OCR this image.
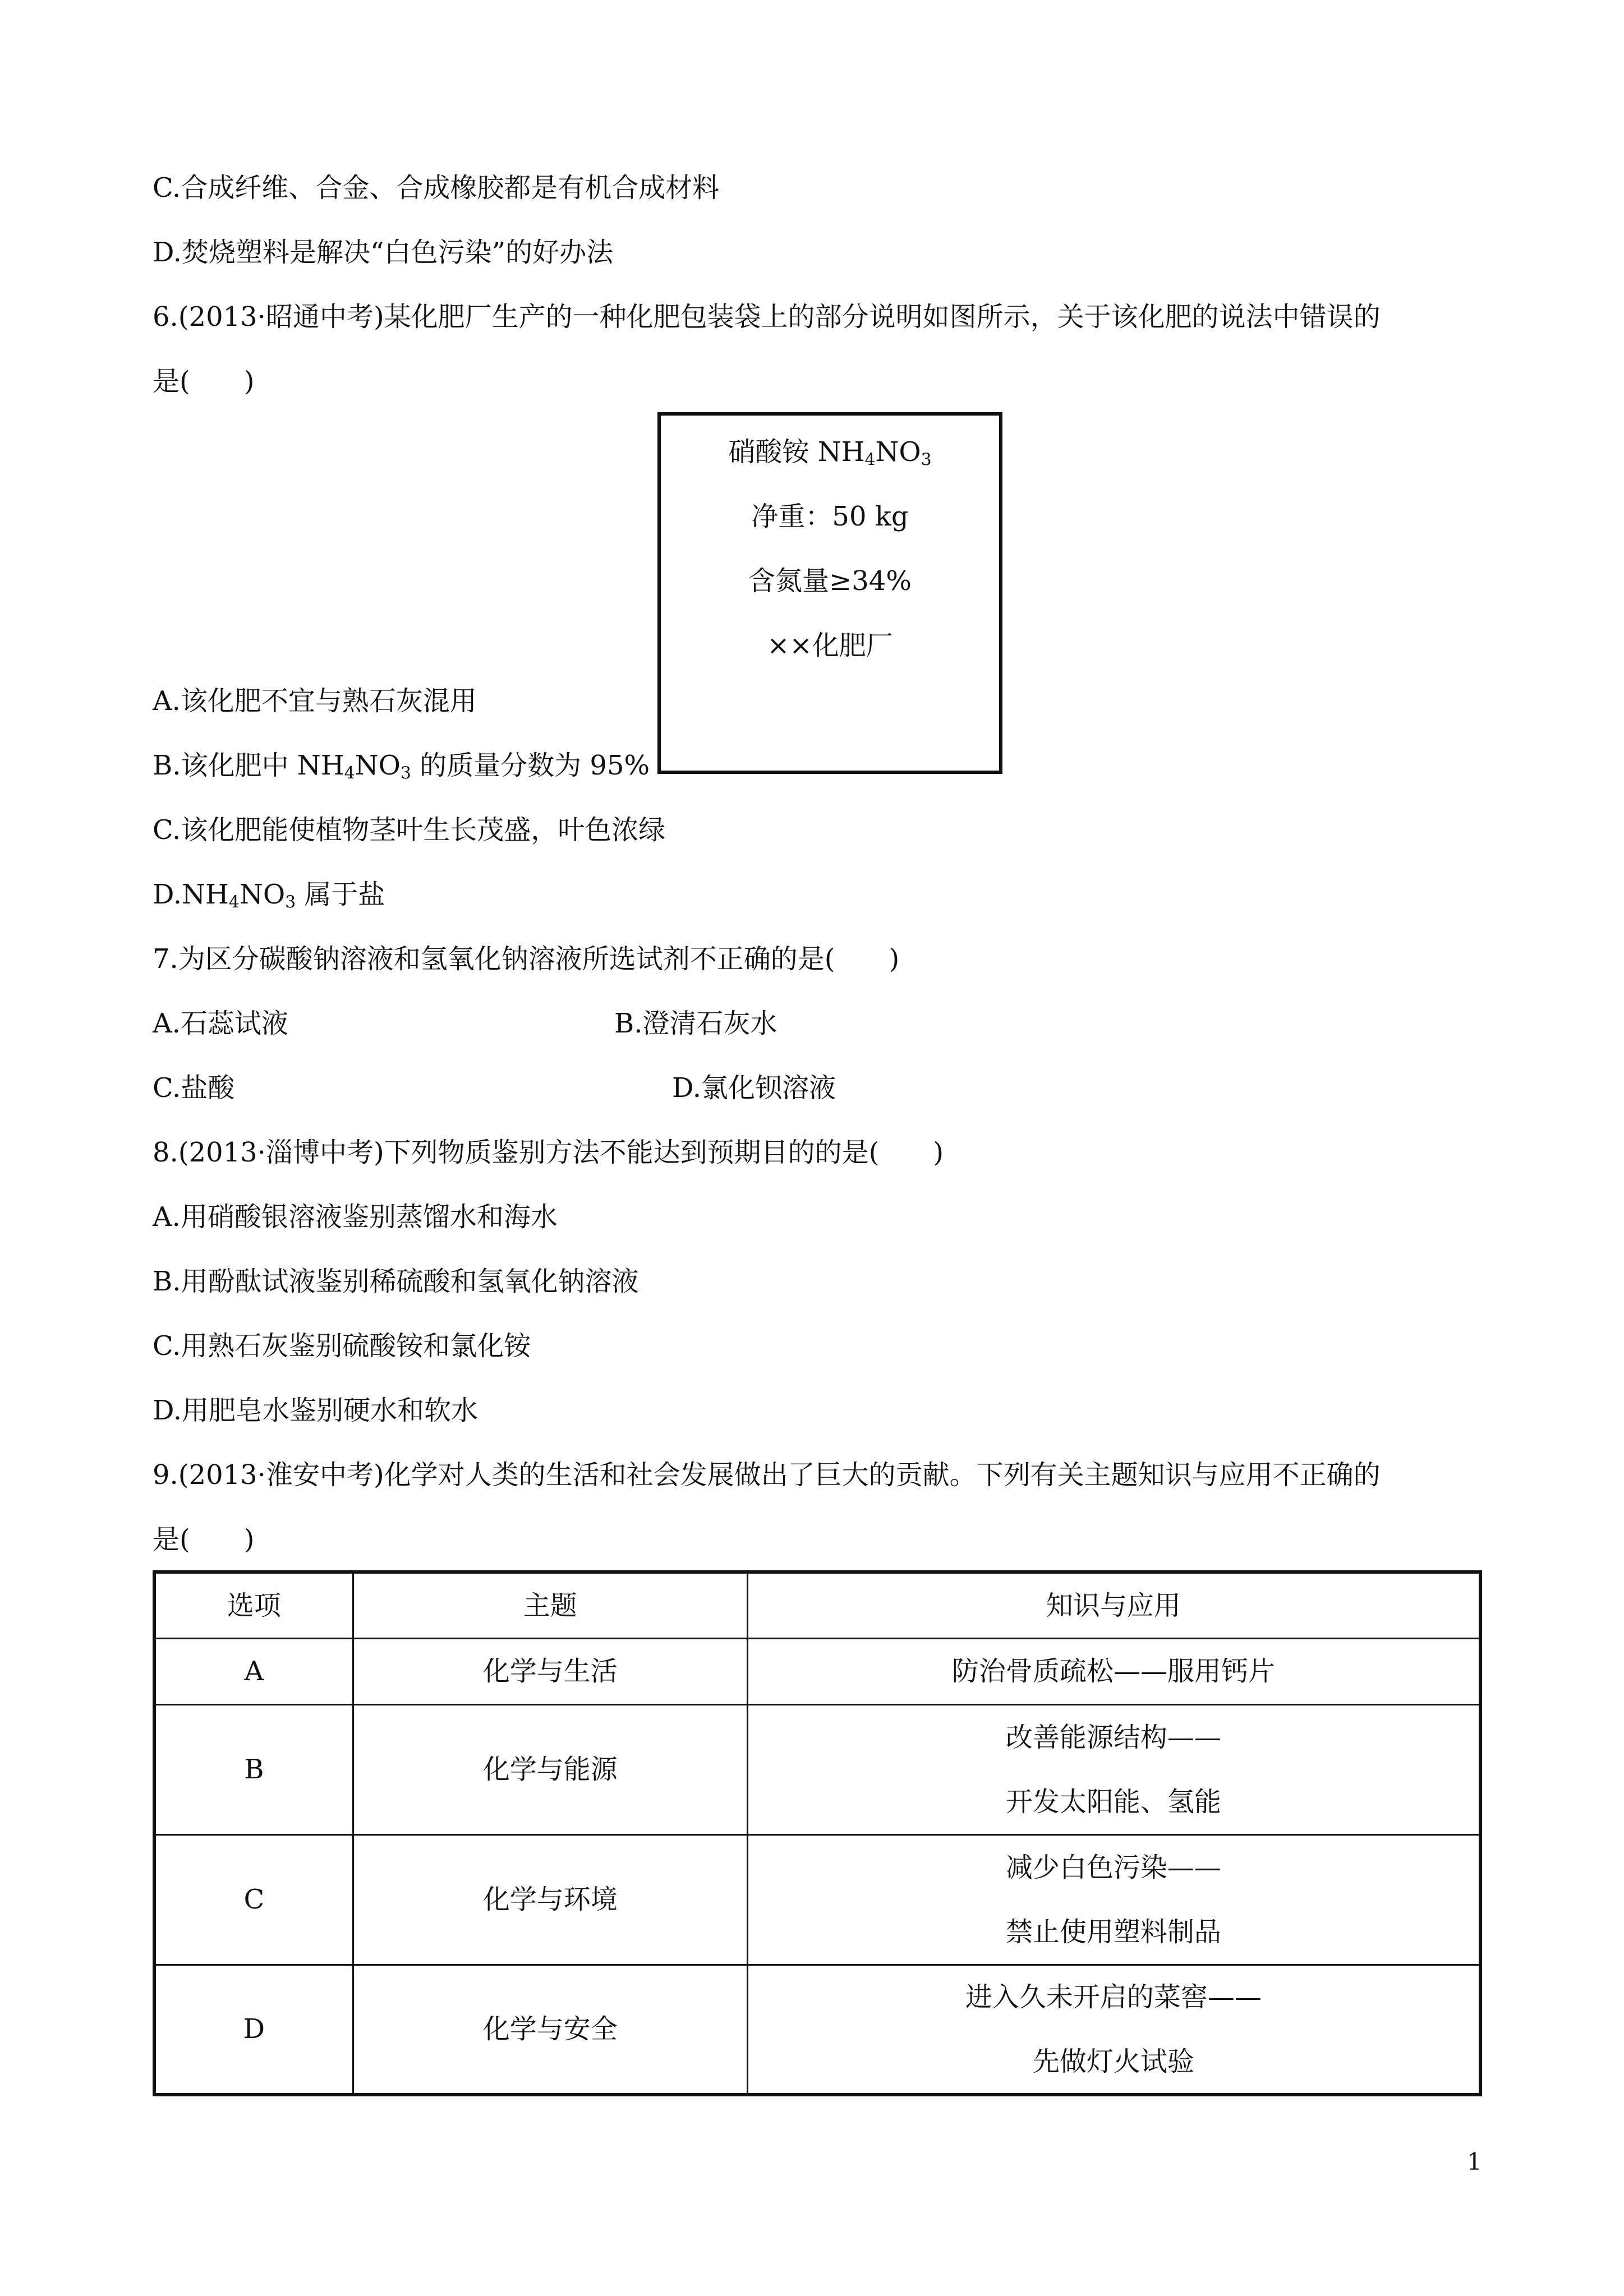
C.合成纤维、合金、合成橡胶都是有机合成材料

D.焚烧塑料是解决“白色污染”的好办法

6.(2013·昭通中考)某化肥厂生产的一种化肥包装袋上的部分说明如图所示，关于该化肥的说法中错误的

是(　　)

硝酸铵 $NH_4NO_3$

净重：50 kg

含氮量≥34%

××化肥厂

A.该化肥不宜与熟石灰混用

B.该化肥中 $NH_4NO_3$ 的质量分数为 95%

C.该化肥能使植物茎叶生长茂盛，叶色浓绿

$D.NH_4NO_3$ 属于盐

7.为区分碳酸钠溶液和氢氧化钠溶液所选试剂不正确的是(　　)

A.石蕊试液	B.澄清石灰水

C.盐酸	D.氯化钡溶液

8.(2013·淄博中考)下列物质鉴别方法不能达到预期目的的是(　　)

A.用硝酸银溶液鉴别蒸馏水和海水

B.用酚酞试液鉴别稀硫酸和氢氧化钠溶液

C.用熟石灰鉴别硫酸铵和氯化铵

D.用肥皂水鉴别硬水和软水

9.(2013·淮安中考)化学对人类的生活和社会发展做出了巨大的贡献。下列有关主题知识与应用不正确的

是(　　)

选项	主题	知识与应用
A	化学与生活	防治骨质疏松——服用钙片

B	化学与能源	改善能源结构——
开发太阳能、氢能

C	化学与环境	减少白色污染——
禁止使用塑料制品

D	化学与安全	进入久未开启的菜窖——
先做灯火试验

1
